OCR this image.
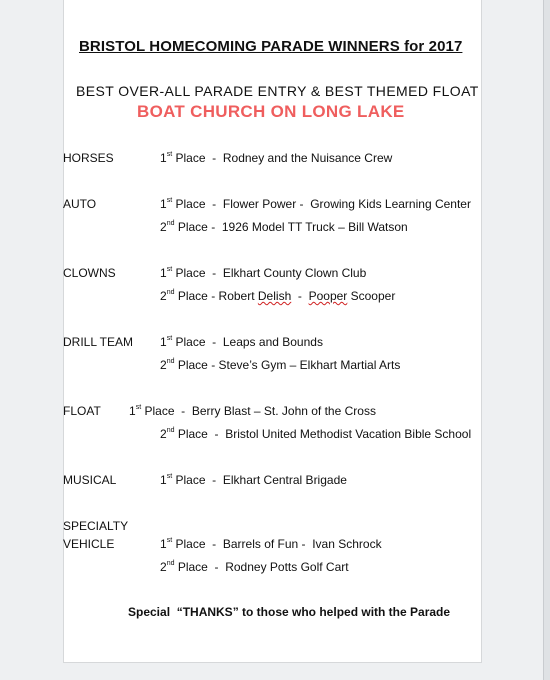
BRISTOL HOMECOMING PARADE WINNERS for 2017
BEST OVER-ALL PARADE ENTRY & BEST THEMED FLOAT
BOAT CHURCH ON LONG LAKE
HORSES	1st Place  -  Rodney and the Nuisance Crew
AUTO	1st Place  -  Flower Power -  Growing Kids Learning Center
2nd Place -  1926 Model TT Truck – Bill Watson
CLOWNS	1st Place  -  Elkhart County Clown Club
2nd Place - Robert Delish  -  Pooper Scooper
DRILL TEAM 1st Place  -  Leaps and Bounds
2nd Place - Steve’s Gym – Elkhart Martial Arts
FLOAT 1st Place  -  Berry Blast – St. John of the Cross
2nd Place  -  Bristol United Methodist Vacation Bible School
MUSICAL	1st Place  -  Elkhart Central Brigade
SPECIALTY
VEHICLE	1st Place  -  Barrels of Fun -  Ivan Schrock
2nd Place  -  Rodney Potts Golf Cart
Special  “THANKS” to those who helped with the Parade
